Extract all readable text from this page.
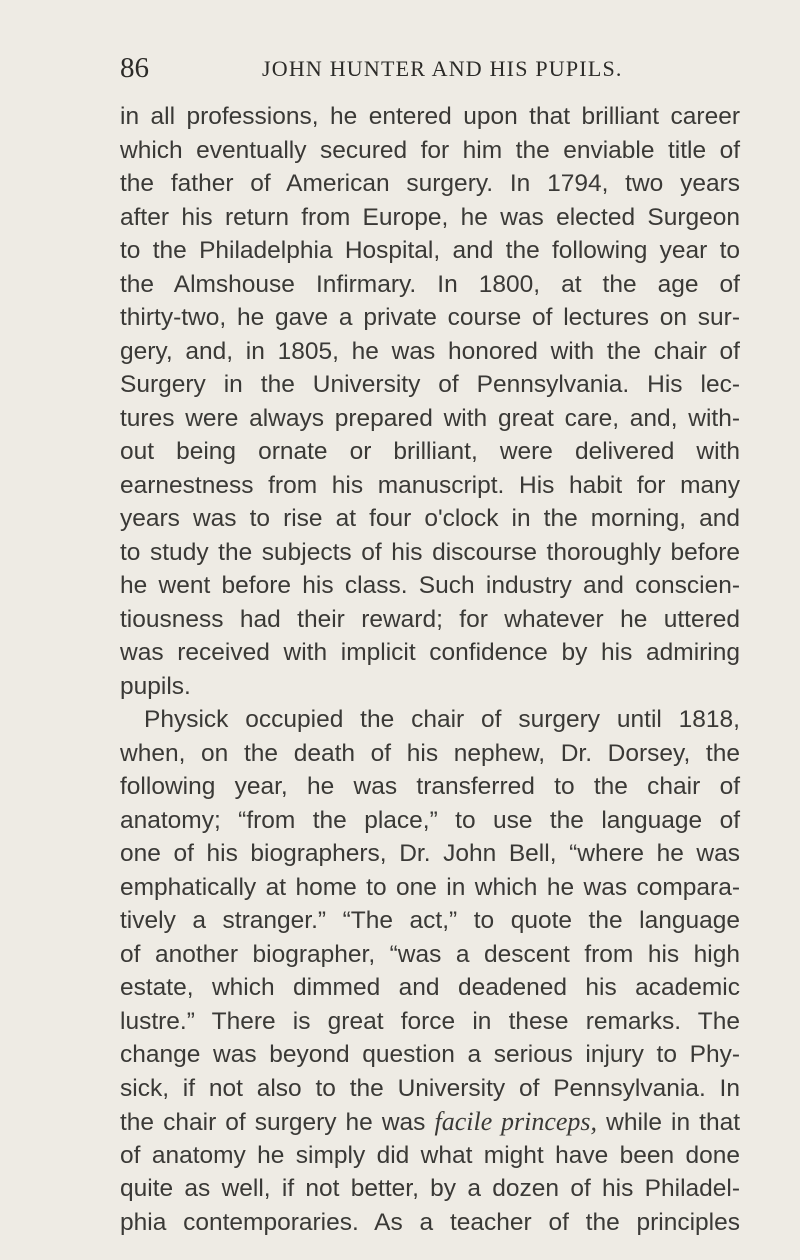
86	JOHN HUNTER AND HIS PUPILS.
in all professions, he entered upon that brilliant career
which eventually secured for him the enviable title of
the father of American surgery. In 1794, two years
after his return from Europe, he was elected Surgeon
to the Philadelphia Hospital, and the following year to
the Almshouse Infirmary. In 1800, at the age of
thirty-two, he gave a private course of lectures on sur-
gery, and, in 1805, he was honored with the chair of
Surgery in the University of Pennsylvania. His lec-
tures were always prepared with great care, and, with-
out being ornate or brilliant, were delivered with
earnestness from his manuscript. His habit for many
years was to rise at four o'clock in the morning, and
to study the subjects of his discourse thoroughly before
he went before his class. Such industry and conscien-
tiousness had their reward; for whatever he uttered
was received with implicit confidence by his admiring
pupils.
Physick occupied the chair of surgery until 1818,
when, on the death of his nephew, Dr. Dorsey, the
following year, he was transferred to the chair of
anatomy; “from the place,” to use the language of
one of his biographers, Dr. John Bell, “where he was
emphatically at home to one in which he was compara-
tively a stranger.” “The act,” to quote the language
of another biographer, “was a descent from his high
estate, which dimmed and deadened his academic
lustre.” There is great force in these remarks. The
change was beyond question a serious injury to Phy-
sick, if not also to the University of Pennsylvania. In
the chair of surgery he was facile princeps, while in that
of anatomy he simply did what might have been done
quite as well, if not better, by a dozen of his Philadel-
phia contemporaries. As a teacher of the principles
